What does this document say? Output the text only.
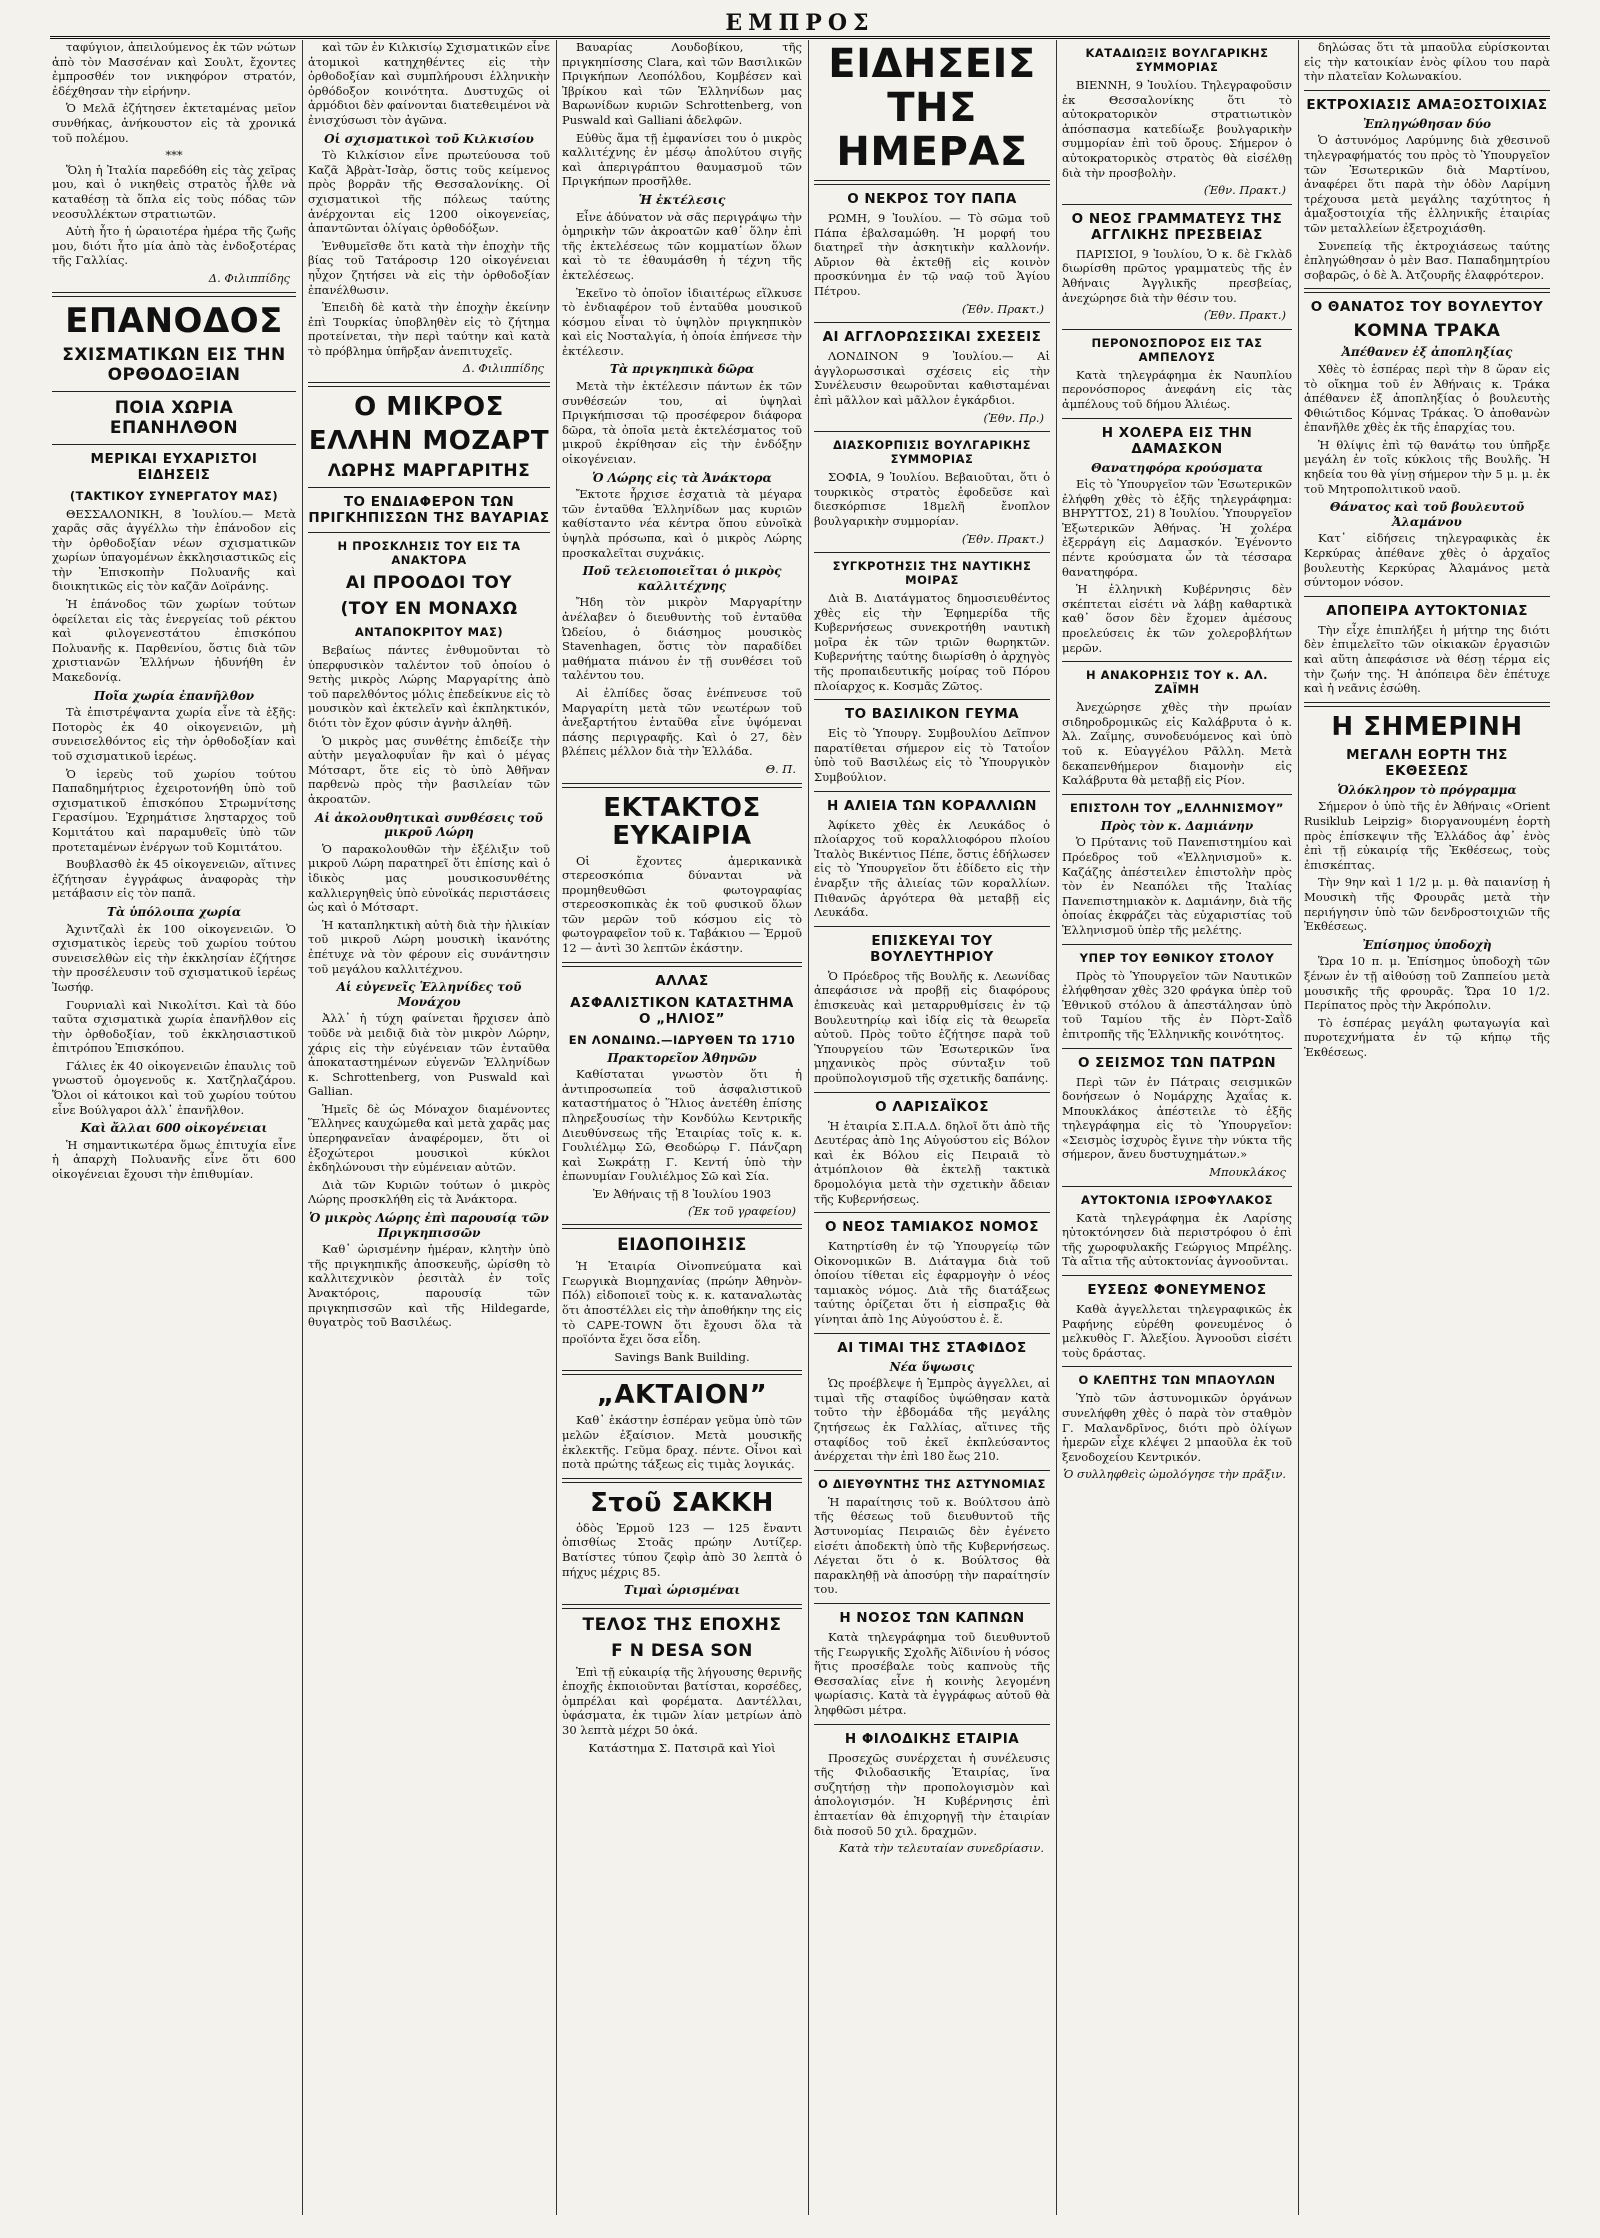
ΕΜΠΡΟΣ

ταφύγιον, ἀπειλούμενος ἐκ τῶν νώτων ἀπὸ τὸν Μασσέναν καὶ Σουλτ, ἔχοντες ἐμπροσθέν τον νικηφόρον στρατόν, ἐδέχθησαν τὴν εἰρήνην.

Ὁ Μελᾶ ἐζήτησεν ἐκτεταμένας μεῖον συνθήκας, ἀνήκουστον εἰς τὰ χρονικά τοῦ πολέμου.

***

Ὅλη ἡ Ἰταλία παρεδόθη εἰς τὰς χεῖρας μου, καὶ ὁ νικηθεὶς στρατὸς ἦλθε νὰ καταθέσῃ τὰ ὅπλα εἰς τοὺς πόδας τῶν νεοσυλλέκτων στρατιωτῶν.

Αὐτὴ ἦτο ἡ ὡραιοτέρα ἡμέρα τῆς ζωῆς μου, διότι ἦτο μία ἀπὸ τὰς ἐνδοξοτέρας τῆς Γαλλίας.

Δ. Φιλιππίδης
ΕΠΑΝΟΔΟΣ
ΣΧΙΣΜΑΤΙΚΩΝ ΕΙΣ ΤΗΝ ΟΡΘΟΔΟΞΙΑΝ
ΠΟΙΑ ΧΩΡΙΑ ΕΠΑΝΗΛΘΟΝ
ΜΕΡΙΚΑΙ ΕΥΧΑΡΙΣΤΟΙ ΕΙΔΗΣΕΙΣ
(ΤΑΚΤΙΚΟΥ ΣΥΝΕΡΓΑΤΟΥ ΜΑΣ)

ΘΕΣΣΑΛΟΝΙΚΗ, 8 Ἰουλίου.— Μετὰ χαρᾶς σᾶς ἀγγέλλω τὴν ἐπάνοδον εἰς τὴν ὀρθοδοξίαν νέων σχισματικῶν χωρίων ὑπαγομένων ἐκκλησιαστικῶς εἰς τὴν Ἐπισκοπὴν Πολυανῆς καὶ διοικητικῶς εἰς τὸν καζᾶν Δοϊράνης.

Ἡ ἐπάνοδος τῶν χωρίων τούτων ὀφείλεται εἰς τὰς ἐνεργείας τοῦ ρέκτου καὶ φιλογενεστάτου ἐπισκόπου Πολυανῆς κ. Παρθενίου, ὅστις διὰ τῶν χριστιανῶν Ἑλλήνων ἠδυνήθη ἐν Μακεδονίᾳ.

Ποῖα χωρία ἐπανῆλθον

Τὰ ἐπιστρέψαντα χωρία εἶνε τὰ ἑξῆς: Ποτορὸς ἐκ 40 οἰκογενειῶν, μὴ συνεισελθόντος εἰς τὴν ὀρθοδοξίαν καὶ τοῦ σχισματικοῦ ἱερέως.

Ὁ ἱερεὺς τοῦ χωρίου τούτου Παπαδημήτριος ἐχειροτονήθη ὑπὸ τοῦ σχισματικοῦ ἐπισκόπου Στρωμνίτσης Γερασίμου. Ἐχρημάτισε λησταρχος τοῦ Κομιτάτου καὶ παραμυθεῖς ὑπὸ τῶν προτεταμένων ἐνέργων τοῦ Κομιτάτου.

Βουβλασθὸ ἐκ 45 οἰκογενειῶν, αἵτινες ἐζήτησαν ἐγγράφως ἀναφορὰς τὴν μετάβασιν εἰς τὸν παπᾶ.

Τὰ ὑπόλοιπα χωρία

Ἀχιντζαλὶ ἐκ 100 οἰκογενειῶν. Ὁ σχισματικὸς ἱερεὺς τοῦ χωρίου τούτου συνεισελθὼν εἰς τὴν ἐκκλησίαν ἐζήτησε τὴν προσέλευσιν τοῦ σχισματικοῦ ἱερέως Ἰωσήφ.

Γουρνιαλὶ καὶ Νικολίτσι. Καὶ τὰ δύο ταῦτα σχισματικὰ χωρία ἐπανῆλθον εἰς τὴν ὀρθοδοξίαν, τοῦ ἐκκλησιαστικοῦ ἐπιτρόπου Ἐπισκόπου.

Γάλιες ἐκ 40 οἰκογενειῶν ἐπαυλις τοῦ γνωστοῦ ὁμογενοῦς κ. Χατζηλαζάρου. Ὅλοι οἱ κάτοικοι καὶ τοῦ χωρίου τούτου εἶνε Βούλγαροι ἀλλ᾽ ἐπανῆλθον.

Καὶ ἄλλαι 600 οἰκογένειαι

Ἡ σημαντικωτέρα ὅμως ἐπιτυχία εἶνε ἡ ἀπαρχὴ Πολυανῆς εἶνε ὅτι 600 οἰκογένειαι ἔχουσι τὴν ἐπιθυμίαν.

καὶ τῶν ἐν Κιλκισίῳ Σχισματικῶν εἶνε ἀτομικοὶ κατηχηθέντες εἰς τὴν ὀρθοδοξίαν καὶ συμπλήρουσι ἑλληνικὴν ὀρθόδοξον κοινότητα. Δυστυχῶς οἱ ἀρμόδιοι δὲν φαίνονται διατεθειμένοι νὰ ἐνισχύσωσι τὸν ἀγῶνα.

Οἱ σχισματικοὶ τοῦ Κιλκισίου

Τὸ Κιλκίσιον εἶνε πρωτεύουσα τοῦ Καζᾶ Ἀβρὰτ-Ἰσὰρ, ὅστις τοῦς κείμενος πρὸς βορρᾶν τῆς Θεσσαλονίκης. Οἱ σχισματικοὶ τῆς πόλεως ταύτης ἀνέρχονται εἰς 1200 οἰκογενείας, ἀπαντῶνται ὁλίγαις ὀρθοδόξων.

Ἐνθυμεῖσθε ὅτι κατὰ τὴν ἐποχὴν τῆς βίας τοῦ Τατάροσιρ 120 οἰκογένειαι ηὖχον ζητήσει νὰ εἰς τὴν ὀρθοδοξίαν ἐπανέλθωσιν.

Ἐπειδὴ δὲ κατὰ τὴν ἐποχὴν ἐκείνην ἐπὶ Τουρκίας ὑποβληθὲν εἰς τὸ ζήτημα προτείνεται, τὴν περὶ ταύτην καὶ κατὰ τὸ πρόβλημα ὑπῆρξαν ἀνεπιτυχεῖς.

Δ. Φιλιππίδης
Ο ΜΙΚΡΟΣ
ΕΛΛΗΝ ΜΟΖΑΡΤ
ΛΩΡΗΣ ΜΑΡΓΑΡΙΤΗΣ
ΤΟ ΕΝΔΙΑΦΕΡΟΝ ΤΩΝ ΠΡΙΓΚΗΠΙΣΣΩΝ ΤΗΣ ΒΑΥΑΡΙΑΣ
Η ΠΡΟΣΚΛΗΣΙΣ ΤΟΥ ΕΙΣ ΤΑ ΑΝΑΚΤΟΡΑ
ΑΙ ΠΡΟΟΔΟΙ ΤΟΥ
(ΤΟΥ ΕΝ ΜΟΝΑΧΩ
ΑΝΤΑΠΟΚΡΙΤΟΥ ΜΑΣ)

Βεβαίως πάντες ἐνθυμοῦνται τὸ ὑπερφυσικὸν ταλέντον τοῦ ὁποίου ὁ 9ετὴς μικρὸς Λώρης Μαργαρίτης ἀπὸ τοῦ παρελθόντος μόλις ἐπεδείκνυε εἰς τὸ μουσικὸν καὶ ἐκτελεῖν καὶ ἐκπληκτικόν, διότι τὸν ἔχον φύσιν ἀγνὴν ἀληθῆ.

Ὁ μικρὸς μας συνθέτης ἐπιδείξε τὴν αὐτὴν μεγαλοφυΐαν ἣν καὶ ὁ μέγας Μότσαρτ, ὅτε εἰς τὸ ὑπὸ Ἀθῆναν παρθενὼ πρὸς τὴν βασιλείαν τῶν ἀκροατῶν.

Αἱ ἀκολουθητικαὶ συνθέσεις τοῦ μικροῦ Λώρη

Ὁ παρακολουθῶν τὴν ἐξέλιξιν τοῦ μικροῦ Λώρη παρατηρεῖ ὅτι ἐπίσης καὶ ὁ ἰδικὸς μας μουσικοσυνθέτης καλλιεργηθεὶς ὑπὸ εὐνοϊκάς περιστάσεις ὡς καὶ ὁ Μότσαρτ.

Ἡ καταπληκτικὴ αὐτὴ διὰ τὴν ἡλικίαν τοῦ μικροῦ Λώρη μουσικὴ ἱκανότης ἐπέτυχε νὰ τὸν φέρουν εἰς συνάντησιν τοῦ μεγάλου καλλιτέχνου.

Αἱ εὐγενεῖς Ἑλληνίδες τοῦ Μονάχου

Ἀλλ᾽ ἡ τύχη φαίνεται ἤρχισεν ἀπὸ τοῦδε νὰ μειδιᾷ διὰ τὸν μικρὸν Λώρην, χάρις εἰς τὴν εὐγένειαν τῶν ἐνταῦθα ἀποκαταστημένων εὐγενῶν Ἑλληνίδων κ. Schrottenberg, von Puswald καὶ Gallian.

Ἡμεῖς δὲ ὡς Μόναχον διαμένοντες Ἕλληνες καυχώμεθα καὶ μετὰ χαρᾶς μας ὑπερηφανεῖαν ἀναφέρομεν, ὅτι οἱ ἐξοχώτεροι μουσικοὶ κύκλοι ἐκδηλώνουσι τὴν εὐμένειαν αὐτῶν.

Διὰ τῶν Κυριῶν τούτων ὁ μικρὸς Λώρης προσκλήθη εἰς τὰ Ἀνάκτορα.

Ὁ μικρὸς Λώρης ἐπὶ παρουσίᾳ τῶν Πριγκηπισσῶν

Καθ᾽ ὡρισμένην ἡμέραν, κλητὴν ὑπὸ τῆς πριγκηπικῆς ἀποσκευῆς, ὡρίσθη τὸ καλλιτεχνικὸν ῥεσιτὰλ ἐν τοῖς Ἀνακτόροις, παρουσίᾳ τῶν πριγκηπισσῶν καὶ τῆς Hildegarde, θυγατρὸς τοῦ Βασιλέως.

Βαυαρίας Λουδοβίκου, τῆς πριγκηπίσσης Clara, καὶ τῶν Βασιλικῶν Πριγκήπων Λεοπόλδου, Κομβέσεν καὶ Ἰβρίκου καὶ τῶν Ἑλληνίδων μας Βαρωνίδων κυριῶν Schrottenberg, von Puswald καὶ Galliani ἀδελφῶν.

Εὐθὺς ἅμα τῇ ἐμφανίσει του ὁ μικρὸς καλλιτέχνης ἐν μέσῳ ἀπολύτου σιγῆς καὶ ἀπεριγράπτου θαυμασμοῦ τῶν Πριγκήπων προσῆλθε.

Ἡ ἐκτέλεσις

Εἶνε ἀδύνατον νὰ σᾶς περιγράψω τὴν ὁμηρικὴν τῶν ἀκροατῶν καθ᾽ ὅλην ἐπὶ τῆς ἐκτελέσεως τῶν κομματίων ὅλων καὶ τὸ τε ἐθαυμάσθη ἡ τέχνη τῆς ἐκτελέσεως.

Ἐκεῖνο τὸ ὁποῖον ἰδιαιτέρως εἵλκυσε τὸ ἐνδιαφέρον τοῦ ἐνταῦθα μουσικοῦ κόσμου εἶναι τὸ ὑψηλὸν πριγκηπικὸν καὶ εἰς Νοσταλγία, ἡ ὁποία ἐπήνεσε τὴν ἐκτέλεσιν.

Τὰ πριγκηπικὰ δῶρα

Μετὰ τὴν ἐκτέλεσιν πάντων ἐκ τῶν συνθέσεών του, αἱ ὑψηλαὶ Πριγκήπισσαι τῷ προσέφερον διάφορα δῶρα, τὰ ὁποῖα μετὰ ἐκτελέσματος τοῦ μικροῦ ἐκρίθησαν εἰς τὴν ἐνδόξην οἰκογένειαν.

Ὁ Λώρης εἰς τὰ Ἀνάκτορα

Ἔκτοτε ἦρχισε ἐσχατιὰ τὰ μέγαρα τῶν ἐνταῦθα Ἑλληνίδων μας κυριῶν καθίσταντο νέα κέντρα ὅπου εὐνοῖκὰ ὑψηλὰ πρόσωπα, καὶ ὁ μικρὸς Λώρης προσκαλεῖται συχνάκις.

Ποῦ τελειοποιεῖται ὁ μικρὸς καλλιτέχνης

Ἤδη τὸν μικρὸν Μαργαρίτην ἀνέλαβεν ὁ διευθυντὴς τοῦ ἐνταῦθα Ὠδείου, ὁ διάσημος μουσικὸς Stavenhagen, ὅστις τὸν παραδίδει μαθήματα πιάνου ἐν τῇ συνθέσει τοῦ ταλέντου του.

Αἱ ἐλπίδες ὅσας ἐνέπνευσε τοῦ Μαργαρίτη μετὰ τῶν νεωτέρων τοῦ ἀνεξαρτήτου ἐνταῦθα εἶνε ὑψόμεναι πάσης περιγραφῆς. Καὶ ὁ 27, δὲν βλέπεις μέλλον διὰ τὴν Ἑλλάδα.

Θ. Π.
ΕΚΤΑΚΤΟΣ ΕΥΚΑΙΡΙΑ

Οἱ ἔχοντες ἀμερικανικὰ στερεοσκόπια δύνανται νὰ προμηθευθῶσι φωτογραφίας στερεοσκοπικὰς ἐκ τοῦ φυσικοῦ ὅλων τῶν μερῶν τοῦ κόσμου εἰς τὸ φωτογραφεῖον τοῦ κ. Ταβάκιου — Ἑρμοῦ 12 — ἀντὶ 30 λεπτῶν ἑκάστην.

ΑΛΛΑΣ
ΑΣΦΑΛΙΣΤΙΚΟΝ ΚΑΤΑΣΤΗΜΑ Ο „ΗΛΙΟΣ”
ΕΝ ΛΟΝΔΙΝΩ.—ΙΔΡΥΘΕΝ ΤΩ 1710
Πρακτορεῖον Ἀθηνῶν

Καθίσταται γνωστὸν ὅτι ἡ ἀντιπροσωπεία τοῦ ἀσφαλιστικοῦ καταστήματος ὁ Ἥλιος ἀνετέθη ἐπίσης πληρεξουσίως τὴν Κονδύλω Κεντρικῆς Διευθύνσεως τῆς Ἑταιρίας τοῖς κ. κ. Γουλιέλμῳ Σῶ, Θεοδώρῳ Γ. Πάνζαρη καὶ Σωκράτῃ Γ. Κεντή ὑπὸ τὴν ἐπωνυμίαν Γουλιέλμος Σῶ καὶ Σία.

Ἐν Ἀθήναις τῇ 8 Ἰουλίου 1903
(Ἐκ τοῦ γραφείου)
ΕΙΔΟΠΟΙΗΣΙΣ

Ἡ Ἑταιρία Οἰνοπνεύματα καὶ Γεωργικὰ Βιομηχανίας (πρώην Ἀθηνὸν-Πόλ) εἰδοποιεῖ τοὺς κ. κ. καταναλωτὰς ὅτι ἀποστέλλει εἰς τὴν ἀποθήκην της εἰς τὸ CAPE-TOWN ὅτι ἔχουσι ὅλα τὰ προϊόντα ἔχει ὅσα εἶδη.

Savings Bank Building.
„ΑΚΤΑΙΟΝ”

Καθ᾽ ἑκάστην ἑσπέραν γεῦμα ὑπὸ τῶν μελῶν ἐξαίσιον. Μετὰ μουσικῆς ἐκλεκτῆς. Γεῦμα δραχ. πέντε. Οἶνοι καὶ ποτὰ πρώτης τάξεως εἰς τιμὰς λογικάς.

Στοῦ ΣΑΚΚΗ

ὁδὸς Ἑρμοῦ 123 — 125 ἔναντι ὀπισθίως Στοᾶς πρώην Λυτίζερ. Βατίστες τύπου ζεφὶρ ἀπὸ 30 λεπτὰ ὁ πήχυς μέχρις 85.

Τιμαὶ ὡρισμέναι
ΤΕΛΟΣ ΤΗΣ ΕΠΟΧΗΣ
F N DESA SON

Ἐπὶ τῇ εὐκαιρίᾳ τῆς λήγουσης θερινῆς ἐποχῆς ἐκποιοῦνται βατίσται, κορσέδες, ὀμπρέλαι καὶ φορέματα. Δαντέλλαι, ὑφάσματα, ἐκ τιμῶν λίαν μετρίων ἀπὸ 30 λεπτὰ μέχρι 50 ὀκά.

Κατάστημα Σ. Πατσιρᾶ καὶ Υἱοὶ
ΕΙΔΗΣΕΙΣ ΤΗΣ ΗΜΕΡΑΣ
Ο ΝΕΚΡΟΣ ΤΟΥ ΠΑΠΑ

ΡΩΜΗ, 9 Ἰουλίου. — Τὸ σῶμα τοῦ Πάπα ἐβαλσαμώθη. Ἡ μορφή του διατηρεῖ τὴν ἀσκητικὴν καλλονήν. Αὔριον θὰ ἐκτεθῇ εἰς κοινὸν προσκύνημα ἐν τῷ ναῷ τοῦ Ἁγίου Πέτρου.

(Ἐθν. Πρακτ.)
ΑΙ ΑΓΓΛΟΡΩΣΣΙΚΑΙ ΣΧΕΣΕΙΣ

ΛΟΝΔΙΝΟΝ 9 Ἰουλίου.— Αἱ ἀγγλορωσσικαὶ σχέσεις εἰς τὴν Συνέλευσιν θεωροῦνται καθισταμέναι ἐπὶ μᾶλλον καὶ μᾶλλον ἐγκάρδιοι.

(Ἐθν. Πρ.)
ΔΙΑΣΚΟΡΠΙΣΙΣ ΒΟΥΛΓΑΡΙΚΗΣ ΣΥΜΜΟΡΙΑΣ

ΣΟΦΙΑ, 9 Ἰουλίου. Βεβαιοῦται, ὅτι ὁ τουρκικὸς στρατὸς ἐφοδεῦσε καὶ διεσκόρπισε 18μελῆ ἔνοπλον βουλγαρικὴν συμμορίαν.

(Ἐθν. Πρακτ.)
ΣΥΓΚΡΟΤΗΣΙΣ ΤΗΣ ΝΑΥΤΙΚΗΣ ΜΟΙΡΑΣ

Διὰ Β. Διατάγματος δημοσιευθέντος χθὲς εἰς τὴν Ἐφημερίδα τῆς Κυβερνήσεως συνεκροτήθη ναυτικὴ μοῖρα ἐκ τῶν τριῶν θωρηκτῶν. Κυβερνήτης ταύτης διωρίσθη ὁ ἀρχηγὸς τῆς προπαιδευτικῆς μοίρας τοῦ Πόρου πλοίαρχος κ. Κοσμᾶς Ζῶτος.

ΤΟ ΒΑΣΙΛΙΚΟΝ ΓΕΥΜΑ

Εἰς τὸ Ὑπουργ. Συμβουλίου Δεῖπνον παρατίθεται σήμερον εἰς τὸ Τατοΐον ὑπὸ τοῦ Βασιλέως εἰς τὸ Ὑπουργικὸν Συμβούλιον.

Η ΑΛΙΕΙΑ ΤΩΝ ΚΟΡΑΛΛΙΩΝ

Ἀφίκετο χθὲς ἐκ Λευκάδος ὁ πλοίαρχος τοῦ κοραλλιοφόρου πλοίου Ἰταλὸς Βικέντιος Πέπε, ὅστις ἐδήλωσεν εἰς τὸ Ὑπουργεῖον ὅτι ἐδίδετο εἰς τὴν ἐναρξιν τῆς ἀλιείας τῶν κοραλλίων. Πιθανῶς ἀργότερα θὰ μεταβῇ εἰς Λευκάδα.

ΕΠΙΣΚΕΥΑΙ ΤΟΥ ΒΟΥΛΕΥΤΗΡΙΟΥ

Ὁ Πρόεδρος τῆς Βουλῆς κ. Λεωνίδας ἀπεφάσισε νὰ προβῇ εἰς διαφόρους ἐπισκευὰς καὶ μεταρρυθμίσεις ἐν τῷ Βουλευτηρίῳ καὶ ἰδίᾳ εἰς τὰ θεωρεῖα αὐτοῦ. Πρὸς τοῦτο ἐζήτησε παρὰ τοῦ Ὑπουργείου τῶν Ἐσωτερικῶν ἵνα μηχανικὸς πρὸς σύνταξιν τοῦ προϋπολογισμοῦ τῆς σχετικῆς δαπάνης.

Ο ΛΑΡΙΣΑΪΚΟΣ

Ἡ ἑταιρία Σ.Π.Α.Δ. δηλοῖ ὅτι ἀπὸ τῆς Δευτέρας ἀπὸ 1ης Αὐγούστου εἰς Βόλον καὶ ἐκ Βόλου εἰς Πειραιᾶ τὸ ἀτμόπλοιον θὰ ἐκτελῇ τακτικὰ δρομολόγια μετὰ τὴν σχετικὴν ἄδειαν τῆς Κυβερνήσεως.

Ο ΝΕΟΣ ΤΑΜΙΑΚΟΣ ΝΟΜΟΣ

Κατηρτίσθη ἐν τῷ Ὑπουργείῳ τῶν Οἰκονομικῶν Β. Διάταγμα διὰ τοῦ ὁποίου τίθεται εἰς ἐφαρμογὴν ὁ νέος ταμιακὸς νόμος. Διὰ τῆς διατάξεως ταύτης ὁρίζεται ὅτι ἡ εἰσπραξις θὰ γίνηται ἀπὸ 1ης Αὐγούστου ἐ. ἔ.

ΑΙ ΤΙΜΑΙ ΤΗΣ ΣΤΑΦΙΔΟΣ
Νέα ὕψωσις

Ὡς προέβλεψε ἡ Ἐμπρὸς ἀγγελλει, αἱ τιμαὶ τῆς σταφίδος ὑψώθησαν κατὰ τοῦτο τὴν ἑβδομάδα τῆς μεγάλης ζητήσεως ἐκ Γαλλίας, αἵτινες τῆς σταφίδος τοῦ ἐκεῖ ἐκπλεύσαντος ἀνέρχεται τὴν ἐπὶ 180 ἔως 210.

Ο ΔΙΕΥΘΥΝΤΗΣ ΤΗΣ ΑΣΤΥΝΟΜΙΑΣ

Ἡ παραίτησις τοῦ κ. Βούλτσου ἀπὸ τῆς θέσεως τοῦ διευθυντοῦ τῆς Ἀστυνομίας Πειραιῶς δὲν ἐγένετο εἰσέτι ἀποδεκτὴ ὑπὸ τῆς Κυβερνήσεως. Λέγεται ὅτι ὁ κ. Βούλτσος θὰ παρακληθῇ νὰ ἀποσύρῃ τὴν παραίτησίν του.

Η ΝΟΣΟΣ ΤΩΝ ΚΑΠΝΩΝ

Κατὰ τηλεγράφημα τοῦ διευθυντοῦ τῆς Γεωργικῆς Σχολῆς Ἀϊδινίου ἡ νόσος ἥτις προσέβαλε τοὺς καπνοὺς τῆς Θεσσαλίας εἶνε ἡ κοινὴς λεγομένη ψωρίασις. Κατὰ τὰ ἐγγράφως αὐτοῦ θὰ ληφθῶσι μέτρα.

Η ΦΙΛΟΔΙΚΗΣ ΕΤΑΙΡΙΑ

Προσεχῶς συνέρχεται ἡ συνέλευσις τῆς Φιλοδασικῆς Ἑταιρίας, ἵνα συζητήσῃ τὴν προπολογισμὸν καὶ ἀπολογισμόν. Ἡ Κυβέρνησις ἐπὶ ἐπταετίαν θὰ ἐπιχορηγῇ τὴν ἑταιρίαν διὰ ποσοῦ 50 χιλ. δραχμῶν.

Κατὰ τὴν τελευταίαν συνεδρίασιν.
ΚΑΤΑΔΙΩΞΙΣ ΒΟΥΛΓΑΡΙΚΗΣ ΣΥΜΜΟΡΙΑΣ

ΒΙΕΝΝΗ, 9 Ἰουλίου. Τηλεγραφοῦσιν ἐκ Θεσσαλονίκης ὅτι τὸ αὐτοκρατορικὸν στρατιωτικὸν ἀπόσπασμα κατεδίωξε βουλγαρικὴν συμμορίαν ἐπὶ τοῦ ὄρους. Σήμερον ὁ αὐτοκρατορικὸς στρατὸς θὰ εἰσέλθῃ διὰ τὴν προσβολὴν.

(Ἐθν. Πρακτ.)
Ο ΝΕΟΣ ΓΡΑΜΜΑΤΕΥΣ ΤΗΣ ΑΓΓΛΙΚΗΣ ΠΡΕΣΒΕΙΑΣ

ΠΑΡΙΣΙΟΙ, 9 Ἰουλίου, Ὁ κ. δὲ Γκλὰδ διωρίσθη πρῶτος γραμματεὺς τῆς ἐν Ἀθήναις Ἀγγλικῆς πρεσβείας, ἀνεχώρησε διὰ τὴν θέσιν του.

(Ἐθν. Πρακτ.)
ΠΕΡΟΝΟΣΠΟΡΟΣ ΕΙΣ ΤΑΣ ΑΜΠΕΛΟΥΣ

Κατὰ τηλεγράφημα ἐκ Ναυπλίου περονόσπορος ἀνεφάνη εἰς τὰς ἀμπέλους τοῦ δήμου Ἁλιέως.

Η ΧΟΛΕΡΑ ΕΙΣ ΤΗΝ ΔΑΜΑΣΚΟΝ
Θανατηφόρα κρούσματα

Εἰς τὸ Ὑπουργεῖον τῶν Ἐσωτερικῶν ἐλήφθη χθὲς τὸ ἑξῆς τηλεγράφημα: ΒΗΡΥΤΤΟΣ, 21) 8 Ἰουλίου. Ὑπουργεῖον Ἐξωτερικῶν Ἀθήνας. Ἡ χολέρα ἐξερράγη εἰς Δαμασκόν. Ἐγένοντο πέντε κρούσματα ὧν τὰ τέσσαρα θανατηφόρα.

Ἡ ἑλληνικὴ Κυβέρνησις δὲν σκέπτεται εἰσέτι νὰ λάβῃ καθαρτικὰ καθ᾽ ὅσον δὲν ἔχομεν ἀμέσους προελεύσεις ἐκ τῶν χολεροβλήτων μερῶν.

Η ΑΝΑΚΟΡΗΣΙΣ ΤΟΥ κ. ΑΛ. ΖΑΪΜΗ

Ἀνεχώρησε χθὲς τὴν πρωίαν σιδηροδρομικῶς εἰς Καλάβρυτα ὁ κ. Ἀλ. Ζαΐμης, συνοδευόμενος καὶ ὑπὸ τοῦ κ. Εὐαγγέλου Ρᾶλλη. Μετὰ δεκαπενθήμερον διαμονὴν εἰς Καλάβρυτα θὰ μεταβῇ εἰς Ρίον.

ΕΠΙΣΤΟΛΗ ΤΟΥ „ΕΛΛΗΝΙΣΜΟΥ”
Πρὸς τὸν κ. Δαμιάνην

Ὁ Πρύτανις τοῦ Πανεπιστημίου καὶ Πρόεδρος τοῦ «Ἑλληνισμοῦ» κ. Καζάζης ἀπέστειλεν ἐπιστολὴν πρὸς τὸν ἐν Νεαπόλει τῆς Ἰταλίας Πανεπιστημιακὸν κ. Δαμιάνην, διὰ τῆς ὁποίας ἐκφράζει τὰς εὐχαριστίας τοῦ Ἑλληνισμοῦ ὑπὲρ τῆς μελέτης.

ΥΠΕΡ ΤΟΥ ΕΘΝΙΚΟΥ ΣΤΟΛΟΥ

Πρὸς τὸ Ὑπουργεῖον τῶν Ναυτικῶν ἐλήφθησαν χθὲς 320 φράγκα ὑπὲρ τοῦ Ἐθνικοῦ στόλου ἃ ἀπεστάλησαν ὑπὸ τοῦ Ταμίου τῆς ἐν Πὸρτ-Σαῒδ ἐπιτροπῆς τῆς Ἑλληνικῆς κοινότητος.

Ο ΣΕΙΣΜΟΣ ΤΩΝ ΠΑΤΡΩΝ

Περὶ τῶν ἐν Πάτραις σεισμικῶν δονήσεων ὁ Νομάρχης Ἀχαΐας κ. Μπουκλάκος ἀπέστειλε τὸ ἑξῆς τηλεγράφημα εἰς τὸ Ὑπουργεῖον: «Σεισμὸς ἰσχυρὸς ἔγινε τὴν νύκτα τῆς σήμερον, ἄνευ δυστυχημάτων.»

Μπουκλάκος
ΑΥΤΟΚΤΟΝΙΑ ΙΣΡΟΦΥΛΑΚΟΣ

Κατὰ τηλεγράφημα ἐκ Λαρίσης ηὐτοκτόνησεν διὰ περιστρόφου ὁ ἐπὶ τῆς χωροφυλακῆς Γεώργιος Μπρέλης. Τὰ αἴτια τῆς αὐτοκτονίας ἀγνοοῦνται.

ΕΥΣΕΩΣ ΦΟΝΕΥΜΕΝΟΣ

Καθὰ ἀγγελλεται τηλεγραφικῶς ἐκ Ραφήνης εὑρέθη φονευμένος ὁ μελκυθὸς Γ. Ἀλεξίου. Ἀγνοοῦσι εἰσέτι τοὺς δράστας.

Ο ΚΛΕΠΤΗΣ ΤΩΝ ΜΠΑΟΥΛΩΝ

Ὑπὸ τῶν ἀστυνομικῶν ὀργάνων συνελήφθη χθὲς ὁ παρὰ τὸν σταθμὸν Γ. Μαλανδρῖνος, διότι πρὸ ὀλίγων ἡμερῶν εἶχε κλέψει 2 μπαοῦλα ἐκ τοῦ ξενοδοχείου Κεντρικόν.

Ὁ συλληφθεὶς ὡμολόγησε τὴν πρᾶξιν.

δηλώσας ὅτι τὰ μπαοῦλα εὑρίσκονται εἰς τὴν κατοικίαν ἑνὸς φίλου του παρὰ τὴν πλατεῖαν Κολωνακίου.

ΕΚΤΡΟΧΙΑΣΙΣ ΑΜΑΞΟΣΤΟΙΧΙΑΣ
Ἐπληγώθησαν δύο

Ὁ ἀστυνόμος Λαρύμνης διὰ χθεσινοῦ τηλεγραφήματός του πρὸς τὸ Ὑπουργεῖον τῶν Ἐσωτερικῶν διὰ Μαρτίνου, ἀναφέρει ὅτι παρὰ τὴν ὁδὸν Λαρίμνη τρέχουσα μετὰ μεγάλης ταχύτητος ἡ ἁμαξοστοιχία τῆς ἑλληνικῆς ἑταιρίας τῶν μεταλλείων ἐξετροχιάσθη.

Συνεπείᾳ τῆς ἐκτροχιάσεως ταύτης ἐπληγώθησαν ὁ μὲν Βασ. Παπαδημητρίου σοβαρῶς, ὁ δὲ Ἀ. Ἀτζουρῆς ἐλαφρότερον.

Ο ΘΑΝΑΤΟΣ ΤΟΥ ΒΟΥΛΕΥΤΟΥ
ΚΟΜΝΑ ΤΡΑΚΑ
Ἀπέθανεν ἐξ ἀποπληξίας

Χθὲς τὸ ἑσπέρας περὶ τὴν 8 ὥραν εἰς τὸ οἴκημα τοῦ ἐν Ἀθήναις κ. Τράκα ἀπέθανεν ἐξ ἀποπληξίας ὁ βουλευτὴς Φθιώτιδος Κόμνας Τράκας. Ὁ ἀποθανὼν ἐπανῆλθε χθὲς ἐκ τῆς ἐπαρχίας του.

Ἡ θλίψις ἐπὶ τῷ θανάτῳ του ὑπῆρξε μεγάλη ἐν τοῖς κύκλοις τῆς Βουλῆς. Ἡ κηδεία του θὰ γίνῃ σήμερον τὴν 5 μ. μ. ἐκ τοῦ Μητροπολιτικοῦ ναοῦ.

Θάνατος καὶ τοῦ βουλευτοῦ Ἀλαμάνου

Κατ᾽ εἰδήσεις τηλεγραφικὰς ἐκ Κερκύρας ἀπέθανε χθὲς ὁ ἀρχαῖος βουλευτὴς Κερκύρας Ἀλαμάνος μετὰ σύντομον νόσον.

ΑΠΟΠΕΙΡΑ ΑΥΤΟΚΤΟΝΙΑΣ

Τὴν εἶχε ἐπιπλήξει ἡ μήτηρ της διότι δὲν ἐπιμελεῖτο τῶν οἰκιακῶν ἐργασιῶν καὶ αὕτη ἀπεφάσισε νὰ θέσῃ τέρμα εἰς τὴν ζωήν της. Ἡ ἀπόπειρα δὲν ἐπέτυχε καὶ ἡ νεᾶνις ἐσώθη.

Η ΣΗΜΕΡΙΝΗ
ΜΕΓΑΛΗ ΕΟΡΤΗ ΤΗΣ ΕΚΘΕΣΕΩΣ
Ὁλόκληρον τὸ πρόγραμμα

Σήμερον ὁ ὑπὸ τῆς ἐν Ἀθήναις «Orient Rusiklub Leipzig» διοργανουμένη ἑορτὴ πρὸς ἐπίσκεψιν τῆς Ἑλλάδος ἀφ᾽ ἑνὸς ἐπὶ τῇ εὐκαιρίᾳ τῆς Ἐκθέσεως, τοὺς ἐπισκέπτας.

Τὴν 9ην καὶ 1 1/2 μ. μ. θὰ παιανίσῃ ἡ Μουσικὴ τῆς Φρουρᾶς μετὰ τὴν περιήγησιν ὑπὸ τῶν δενδροστοιχιῶν τῆς Ἐκθέσεως.

Ἐπίσημος ὑποδοχὴ

Ὥρα 10 π. μ. Ἐπίσημος ὑποδοχὴ τῶν ξένων ἐν τῇ αἰθούσῃ τοῦ Ζαππείου μετὰ μουσικῆς τῆς φρουρᾶς. Ὥρα 10 1/2. Περίπατος πρὸς τὴν Ἀκρόπολιν.

Τὸ ἑσπέρας μεγάλη φωταγωγία καὶ πυροτεχνήματα ἐν τῷ κήπῳ τῆς Ἐκθέσεως.
